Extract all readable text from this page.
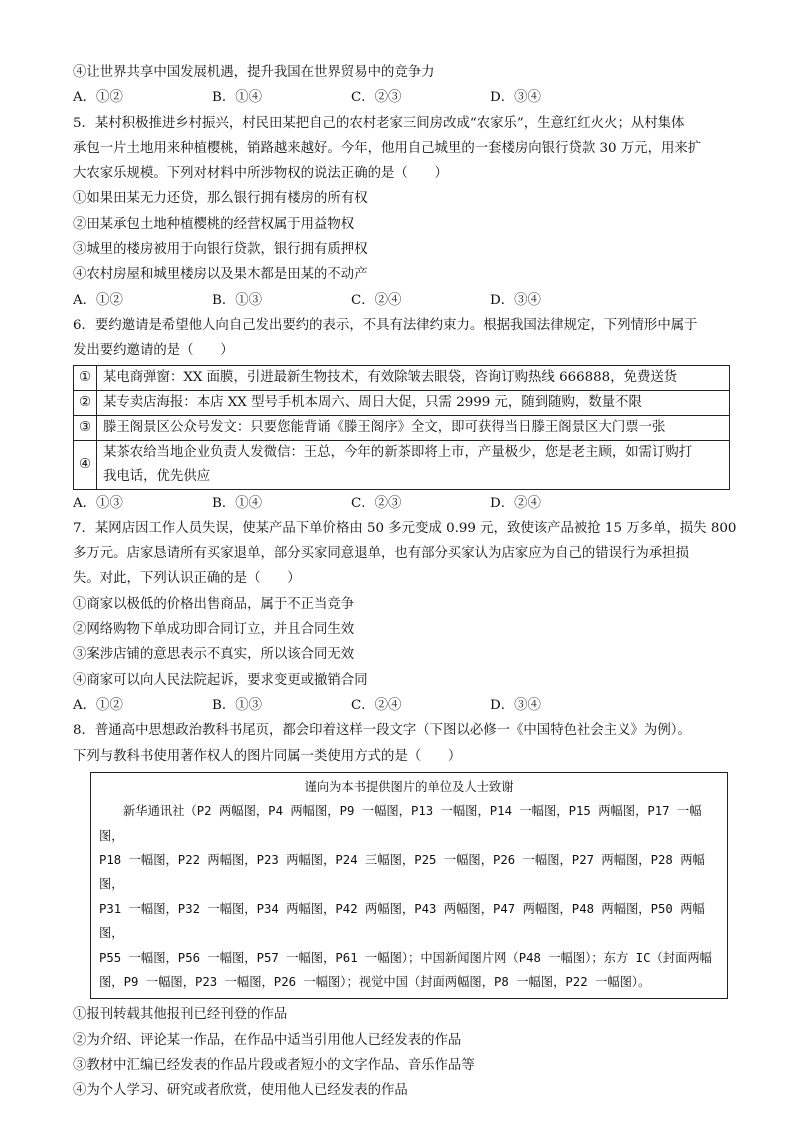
④让世界共享中国发展机遇，提升我国在世界贸易中的竞争力
A．①②	B．①④	C．②③	D．③④
5．某村积极推进乡村振兴，村民田某把自己的农村老家三间房改成“农家乐”，生意红红火火；从村集体
承包一片土地用来种植樱桃，销路越来越好。今年，他用自己城里的一套楼房向银行贷款 30 万元，用来扩
大农家乐规模。下列对材料中所涉物权的说法正确的是（　　）
①如果田某无力还贷，那么银行拥有楼房的所有权
②田某承包土地种植樱桃的经营权属于用益物权
③城里的楼房被用于向银行贷款，银行拥有质押权
④农村房屋和城里楼房以及果木都是田某的不动产
A．①②	B．①③	C．②④	D．③④
6．要约邀请是希望他人向自己发出要约的表示，不具有法律约束力。根据我国法律规定，下列情形中属于
发出要约邀请的是（　　）
①	某电商弹窗：XX 面膜，引进最新生物技术，有效除皱去眼袋，咨询订购热线 666888，免费送货
②	某专卖店海报：本店 XX 型号手机本周六、周日大促，只需 2999 元，随到随购，数量不限
③	滕王阁景区公众号发文：只要您能背诵《滕王阁序》全文，即可获得当日滕王阁景区大门票一张
④	某茶农给当地企业负责人发微信：王总，今年的新茶即将上市，产量极少，您是老主顾，如需订购打
我电话，优先供应
A．①③	B．①④	C．②③	D．②④
7．某网店因工作人员失误，使某产品下单价格由 50 多元变成 0.99 元，致使该产品被抢 15 万多单，损失 800
多万元。店家恳请所有买家退单，部分买家同意退单，也有部分买家认为店家应为自己的错误行为承担损
失。对此，下列认识正确的是（　　）
①商家以极低的价格出售商品，属于不正当竞争
②网络购物下单成功即合同订立，并且合同生效
③案涉店铺的意思表示不真实，所以该合同无效
④商家可以向人民法院起诉，要求变更或撤销合同
A．①②	B．①③	C．②④	D．③④
8．普通高中思想政治教科书尾页，都会印着这样一段文字（下图以必修一《中国特色社会主义》为例）。
下列与教科书使用著作权人的图片同属一类使用方式的是（　　）
谨向为本书提供图片的单位及人士致谢
新华通讯社（P2 两幅图，P4 两幅图，P9 一幅图，P13 一幅图，P14 一幅图，P15 两幅图，P17 一幅图，
P18 一幅图，P22 两幅图，P23 两幅图，P24 三幅图，P25 一幅图，P26 一幅图，P27 两幅图，P28 两幅图，
P31 一幅图，P32 一幅图，P34 两幅图，P42 两幅图，P43 两幅图，P47 两幅图，P48 两幅图，P50 两幅图，
P55 一幅图，P56 一幅图，P57 一幅图，P61 一幅图）；中国新闻图片网（P48 一幅图）；东方 IC（封面两幅
图，P9 一幅图，P23 一幅图，P26 一幅图）；视觉中国（封面两幅图，P8 一幅图，P22 一幅图）。
①报刊转载其他报刊已经刊登的作品
②为介绍、评论某一作品，在作品中适当引用他人已经发表的作品
③教材中汇编已经发表的作品片段或者短小的文字作品、音乐作品等
④为个人学习、研究或者欣赏，使用他人已经发表的作品
